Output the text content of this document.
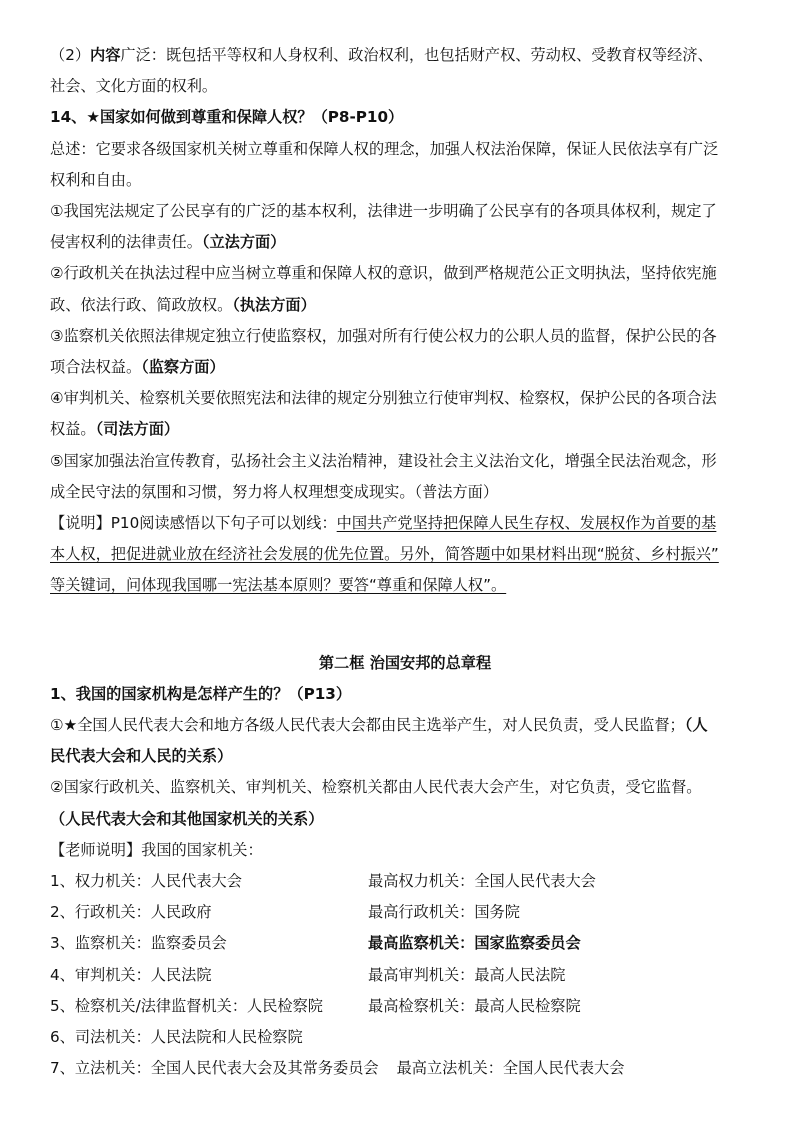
（2）内容广泛：既包括平等权和人身权利、政治权利，也包括财产权、劳动权、受教育权等经济、
社会、文化方面的权利。
14、★国家如何做到尊重和保障人权？（P8-P10）
总述：它要求各级国家机关树立尊重和保障人权的理念，加强人权法治保障，保证人民依法享有广泛
权利和自由。
①我国宪法规定了公民享有的广泛的基本权利，法律进一步明确了公民享有的各项具体权利，规定了
侵害权利的法律责任。（立法方面）
②行政机关在执法过程中应当树立尊重和保障人权的意识，做到严格规范公正文明执法，坚持依宪施
政、依法行政、简政放权。（执法方面）
③监察机关依照法律规定独立行使监察权，加强对所有行使公权力的公职人员的监督，保护公民的各
项合法权益。（监察方面）
④审判机关、检察机关要依照宪法和法律的规定分别独立行使审判权、检察权，保护公民的各项合法
权益。（司法方面）
⑤国家加强法治宣传教育，弘扬社会主义法治精神，建设社会主义法治文化，增强全民法治观念，形
成全民守法的氛围和习惯，努力将人权理想变成现实。（普法方面）
【说明】P10阅读感悟以下句子可以划线：中国共产党坚持把保障人民生存权、发展权作为首要的基
本人权，把促进就业放在经济社会发展的优先位置。另外，简答题中如果材料出现“脱贫、乡村振兴”
等关键词，问体现我国哪一宪法基本原则？要答“尊重和保障人权”。
第二框 治国安邦的总章程
1、我国的国家机构是怎样产生的？（P13）
①★全国人民代表大会和地方各级人民代表大会都由民主选举产生，对人民负责，受人民监督；（人
民代表大会和人民的关系）
②国家行政机关、监察机关、审判机关、检察机关都由人民代表大会产生，对它负责，受它监督。
（人民代表大会和其他国家机关的关系）
【老师说明】我国的国家机关：
1、权力机关：人民代表大会	最高权力机关：全国人民代表大会
2、行政机关：人民政府	最高行政机关：国务院
3、监察机关：监察委员会	最高监察机关：国家监察委员会
4、审判机关：人民法院	最高审判机关：最高人民法院
5、检察机关/法律监督机关：人民检察院	最高检察机关：最高人民检察院
6、司法机关：人民法院和人民检察院
7、立法机关：全国人民代表大会及其常务委员会 最高立法机关：全国人民代表大会
